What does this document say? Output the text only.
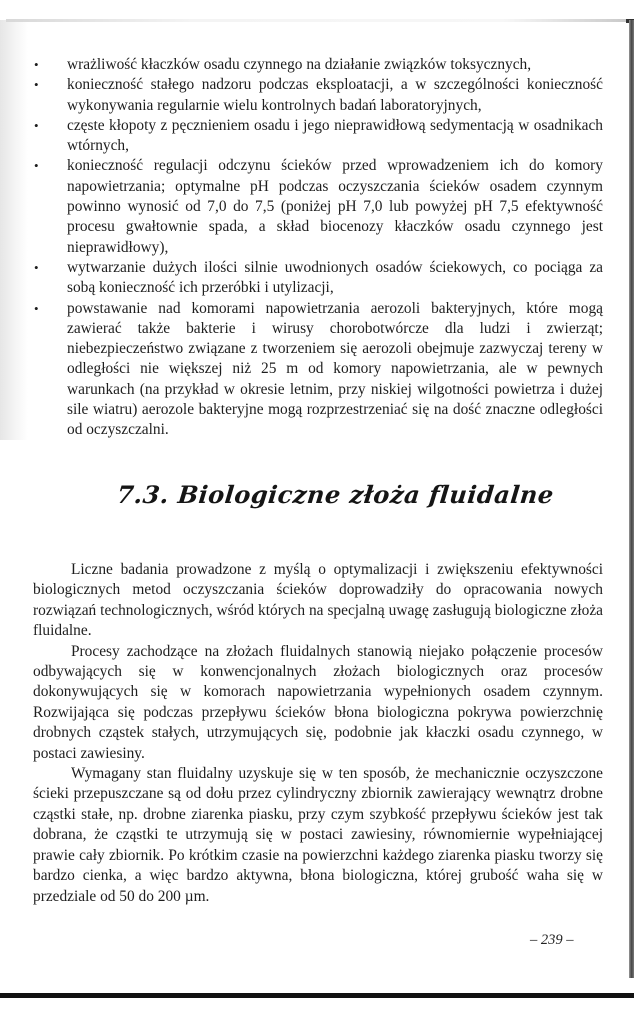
• wrażliwość kłaczków osadu czynnego na działanie związków toksycznych,
• konieczność stałego nadzoru podczas eksploatacji, a w szczególności konieczność wykonywania regularnie wielu kontrolnych badań laboratoryjnych,
• częste kłopoty z pęcznieniem osadu i jego nieprawidłową sedymentacją w osadnikach wtórnych,
• konieczność regulacji odczynu ścieków przed wprowadzeniem ich do komory napowietrzania; optymalne pH podczas oczyszczania ścieków osadem czynnym powinno wynosić od 7,0 do 7,5 (poniżej pH 7,0 lub powyżej pH 7,5 efektywność procesu gwałtownie spada, a skład biocenozy kłaczków osadu czynnego jest nieprawidłowy),
• wytwarzanie dużych ilości silnie uwodnionych osadów ściekowych, co pociąga za sobą konieczność ich przeróbki i utylizacji,
• powstawanie nad komorami napowietrzania aerozoli bakteryjnych, które mogą zawierać także bakterie i wirusy chorobotwórcze dla ludzi i zwierząt; niebezpieczeństwo związane z tworzeniem się aerozoli obejmuje zazwyczaj tereny w odległości nie większej niż 25 m od komory napowietrzania, ale w pewnych warunkach (na przykład w okresie letnim, przy niskiej wilgotności powietrza i dużej sile wiatru) aerozole bakteryjne mogą rozprzestrzeniać się na dość znaczne odległości od oczyszczalni.
7.3. Biologiczne złoża fluidalne

Liczne badania prowadzone z myślą o optymalizacji i zwiększeniu efektywności biologicznych metod oczyszczania ścieków doprowadziły do opracowania nowych rozwiązań technologicznych, wśród których na specjalną uwagę zasługują biologiczne złoża fluidalne.

Procesy zachodzące na złożach fluidalnych stanowią niejako połączenie procesów odbywających się w konwencjonalnych złożach biologicznych oraz procesów dokonywujących się w komorach napowietrzania wypełnionych osadem czynnym. Rozwijająca się podczas przepływu ścieków błona biologiczna pokrywa powierzchnię drobnych cząstek stałych, utrzymujących się, podobnie jak kłaczki osadu czynnego, w postaci zawiesiny.

Wymagany stan fluidalny uzyskuje się w ten sposób, że mechanicznie oczyszczone ścieki przepuszczane są od dołu przez cylindryczny zbiornik zawierający wewnątrz drobne cząstki stałe, np. drobne ziarenka piasku, przy czym szybkość przepływu ścieków jest tak dobrana, że cząstki te utrzymują się w postaci zawiesiny, równomiernie wypełniającej prawie cały zbiornik. Po krótkim czasie na powierzchni każdego ziarenka piasku tworzy się bardzo cienka, a więc bardzo aktywna, błona biologiczna, której grubość waha się w przedziale od 50 do 200 µm.

– 239 –
